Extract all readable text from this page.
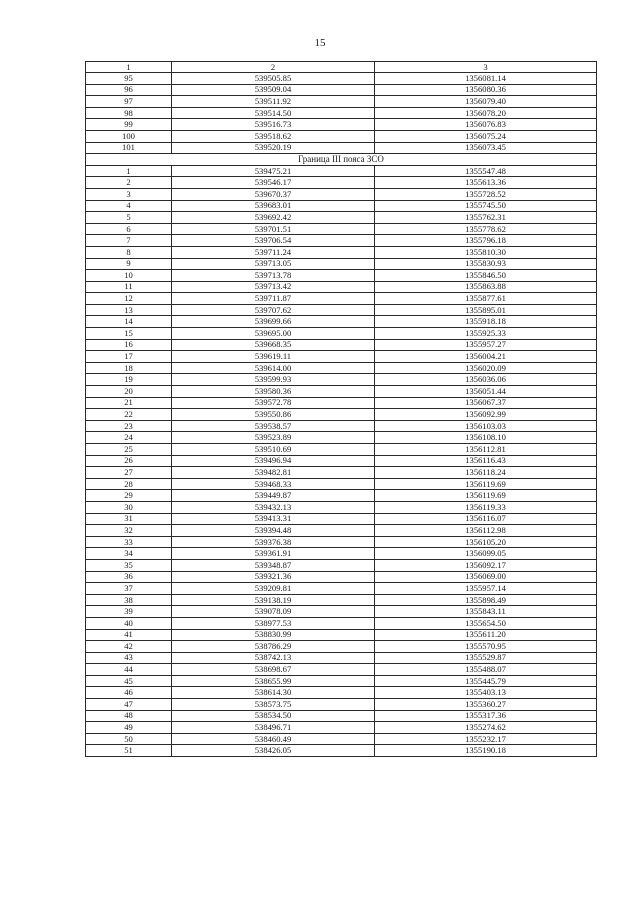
15
1	2	3
95	539505.85	1356081.14
96	539509.04	1356080.36
97	539511.92	1356079.40
98	539514.50	1356078.20
99	539516.73	1356076.83
100	539518.62	1356075.24
101	539520.19	1356073.45
Граница III пояса ЗСО		
1	539475.21	1355547.48
2	539546.17	1355613.36
3	539670.37	1355728.52
4	539683.01	1355745.50
5	539692.42	1355762.31
6	539701.51	1355778.62
7	539706.54	1355796.18
8	539711.24	1355810.30
9	539713.05	1355830.93
10	539713.78	1355846.50
11	539713.42	1355863.88
12	539711.87	1355877.61
13	539707.62	1355895.01
14	539699.66	1355918.18
15	539695.00	1355925.33
16	539668.35	1355957.27
17	539619.11	1356004.21
18	539614.00	1356020.09
19	539599.93	1356036.06
20	539580.36	1356051.44
21	539572.78	1356067.37
22	539550.86	1356092.99
23	539538.57	1356103.03
24	539523.89	1356108.10
25	539510.69	1356112.81
26	539496.94	1356116.43
27	539482.81	1356118.24
28	539468.33	1356119.69
29	539449.87	1356119.69
30	539432.13	1356119.33
31	539413.31	1356116.07
32	539394.48	1356112.98
33	539376.38	1356105.20
34	539361.91	1356099.05
35	539348.87	1356092.17
36	539321.36	1356069.00
37	539209.81	1355957.14
38	539138.19	1355898.49
39	539078.09	1355843.11
40	538977.53	1355654.50
41	538830.99	1355611.20
42	538786.29	1355570.95
43	538742.13	1355529.87
44	538698.67	1355488.07
45	538655.99	1355445.79
46	538614.30	1355403.13
47	538573.75	1355360.27
48	538534.50	1355317.36
49	538496.71	1355274.62
50	538460.49	1355232.17
51	538426.05	1355190.18
